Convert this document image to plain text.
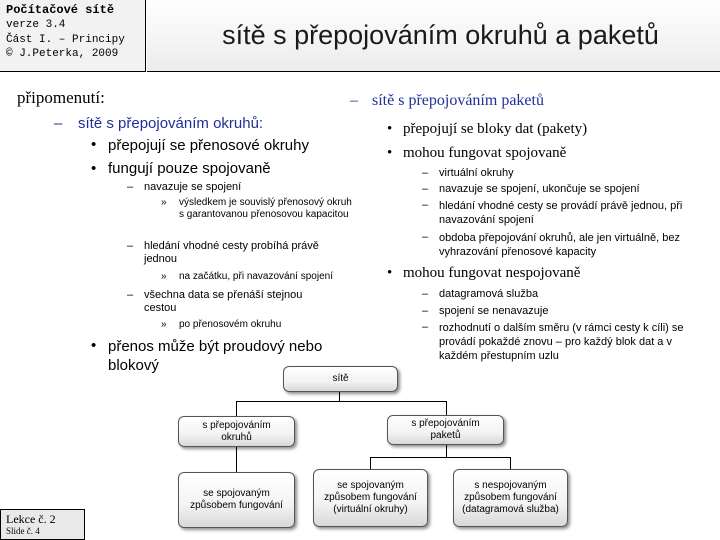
Počítačové sítě
verze 3.4
Část I. – Principy
© J.Peterka, 2009
sítě s přepojováním okruhů a paketů
připomenutí:
– sítě s přepojováním okruhů:
• přepojují se přenosové okruhy
• fungují pouze spojovaně
– navazuje se spojení
» výsledkem je souvislý přenosový okruh s garantovanou přenosovou kapacitou
– hledání vhodné cesty probíhá právě jednou
» na začátku, při navazování spojení
– všechna data se přenáší stejnou cestou
» po přenosovém okruhu
• přenos může být proudový nebo blokový
– sítě s přepojováním paketů
• přepojují se bloky dat (pakety)
• mohou fungovat spojovaně
– virtuální okruhy
– navazuje se spojení, ukončuje se spojení
– hledání vhodné cesty se provádí právě jednou, při navazování spojení
– obdoba přepojování okruhů, ale jen virtuálně, bez vyhrazování přenosové kapacity
• mohou fungovat nespojovaně
– datagramová služba
– spojení se nenavazuje
– rozhodnutí o dalším směru (v rámci cesty k cíli) se provádí pokaždé znovu – pro každý blok dat a v každém přestupním uzlu
sítě
s přepojováním okruhů
s přepojováním paketů
se spojovaným způsobem fungování
se spojovaným způsobem fungování (virtuální okruhy)
s nespojovaným způsobem fungování (datagramová služba)
Lekce č. 2
Slide č. 4
